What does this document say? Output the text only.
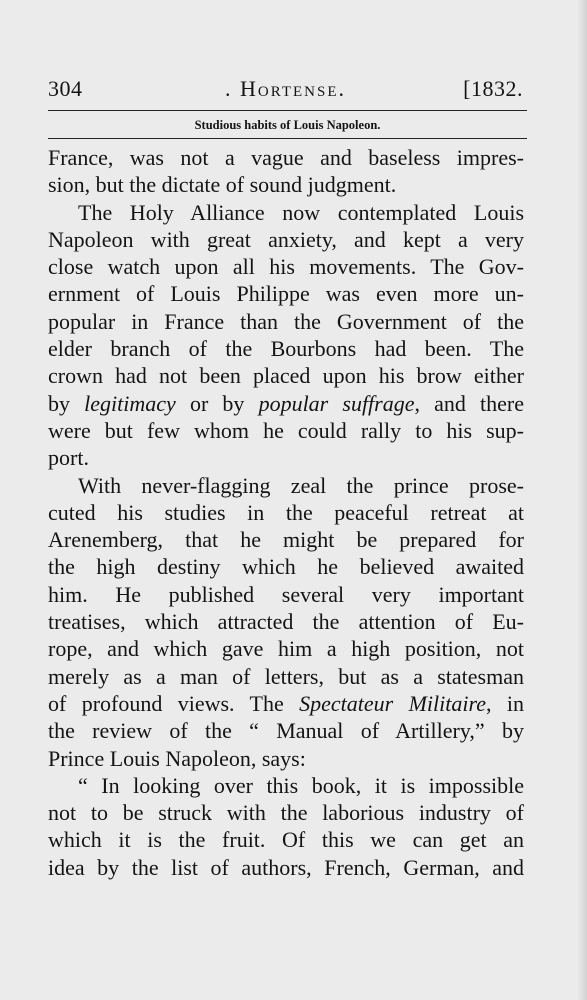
304	. Hortense.	[1832.
Studious habits of Louis Napoleon.
France, was not a vague and baseless impres-
sion, but the dictate of sound judgment.
The Holy Alliance now contemplated Louis
Napoleon with great anxiety, and kept a very
close watch upon all his movements. The Gov-
ernment of Louis Philippe was even more un-
popular in France than the Government of the
elder branch of the Bourbons had been. The
crown had not been placed upon his brow either
by legitimacy or by popular suffrage, and there
were but few whom he could rally to his sup-
port.
With never-flagging zeal the prince prose-
cuted his studies in the peaceful retreat at
Arenemberg, that he might be prepared for
the high destiny which he believed awaited
him. He published several very important
treatises, which attracted the attention of Eu-
rope, and which gave him a high position, not
merely as a man of letters, but as a statesman
of profound views. The Spectateur Militaire, in
the review of the “ Manual of Artillery,” by
Prince Louis Napoleon, says:
“ In looking over this book, it is impossible
not to be struck with the laborious industry of
which it is the fruit. Of this we can get an
idea by the list of authors, French, German, and
